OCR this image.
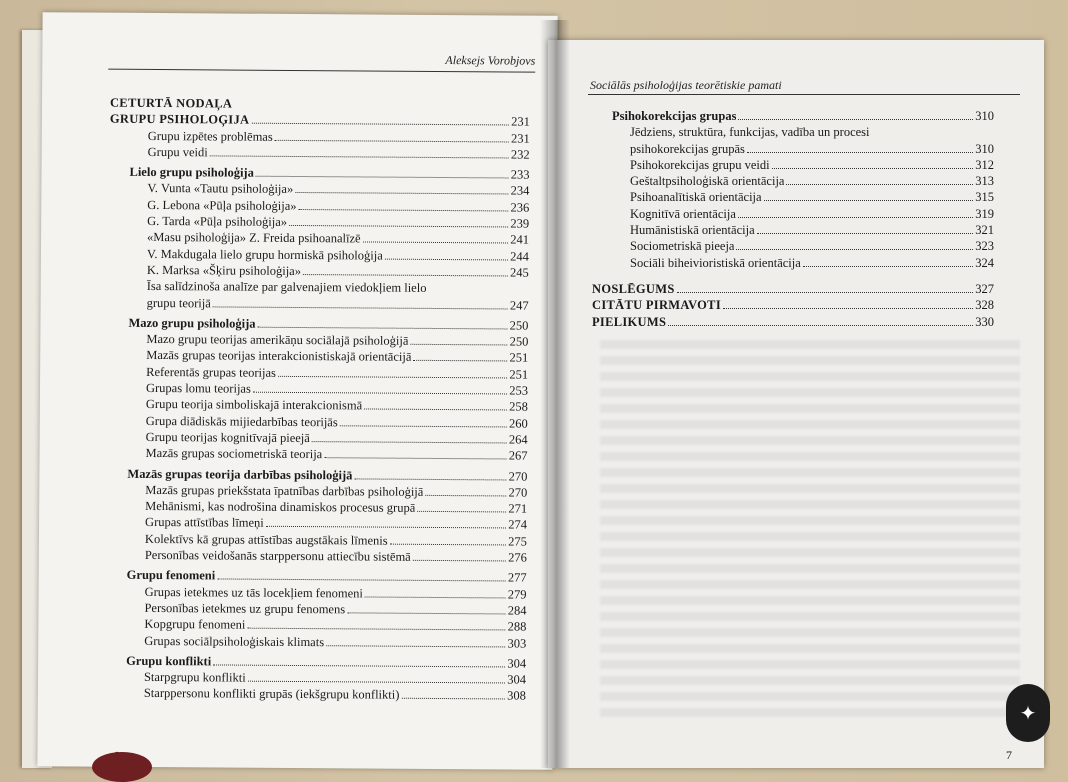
Aleksejs Vorobjovs
CETURTĀ NODAĻA
GRUPU PSIHOLOĢIJA	231
Grupu izpētes problēmas	231
Grupu veidi	232
Lielo grupu psiholoģija	233
V. Vunta «Tautu psiholoģija»	234
G. Lebona «Pūļa psiholoģija»	236
G. Tarda «Pūļa psiholoģija»	239
«Masu psiholoģija» Z. Freida psihoanalīzē	241
V. Makdugala lielo grupu hormiskā psiholoģija	244
K. Marksa «Šķiru psiholoģija»	245
Īsa salīdzinoša analīze par galvenajiem viedokļiem lielo
grupu teorijā	247
Mazo grupu psiholoģija	250
Mazo grupu teorijas amerikāņu sociālajā psiholoģijā	250
Mazās grupas teorijas interakcionistiskajā orientācijā	251
Referentās grupas teorijas	251
Grupas lomu teorijas	253
Grupu teorija simboliskajā interakcionismā	258
Grupa diādiskās mijiedarbības teorijās	260
Grupu teorijas kognitīvajā pieejā	264
Mazās grupas sociometriskā teorija	267
Mazās grupas teorija darbības psiholoģijā	270
Mazās grupas priekšstata īpatnības darbības psiholoģijā	270
Mehānismi, kas nodrošina dinamiskos procesus grupā	271
Grupas attīstības līmeņi	274
Kolektīvs kā grupas attīstības augstākais līmenis	275
Personības veidošanās starppersonu attiecību sistēmā	276
Grupu fenomeni	277
Grupas ietekmes uz tās locekļiem fenomeni	279
Personības ietekmes uz grupu fenomens	284
Kopgrupu fenomeni	288
Grupas sociālpsiholoģiskais klimats	303
Grupu konflikti	304
Starpgrupu konflikti	304
Starppersonu konflikti grupās (iekšgrupu konflikti)	308
Sociālās psiholoģijas teorētiskie pamati
Psihokorekcijas grupas	310
Jēdziens, struktūra, funkcijas, vadība un procesi
psihokorekcijas grupās	310
Psihokorekcijas grupu veidi	312
Geštaltpsiholoģiskā orientācija	313
Psihoanalītiskā orientācija	315
Kognitīvā orientācija	319
Humānistiskā orientācija	321
Sociometriskā pieeja	323
Sociāli biheivioristiskā orientācija	324
NOSLĒGUMS	327
CITĀTU PIRMAVOTI	328
PIELIKUMS	330
7
✦
